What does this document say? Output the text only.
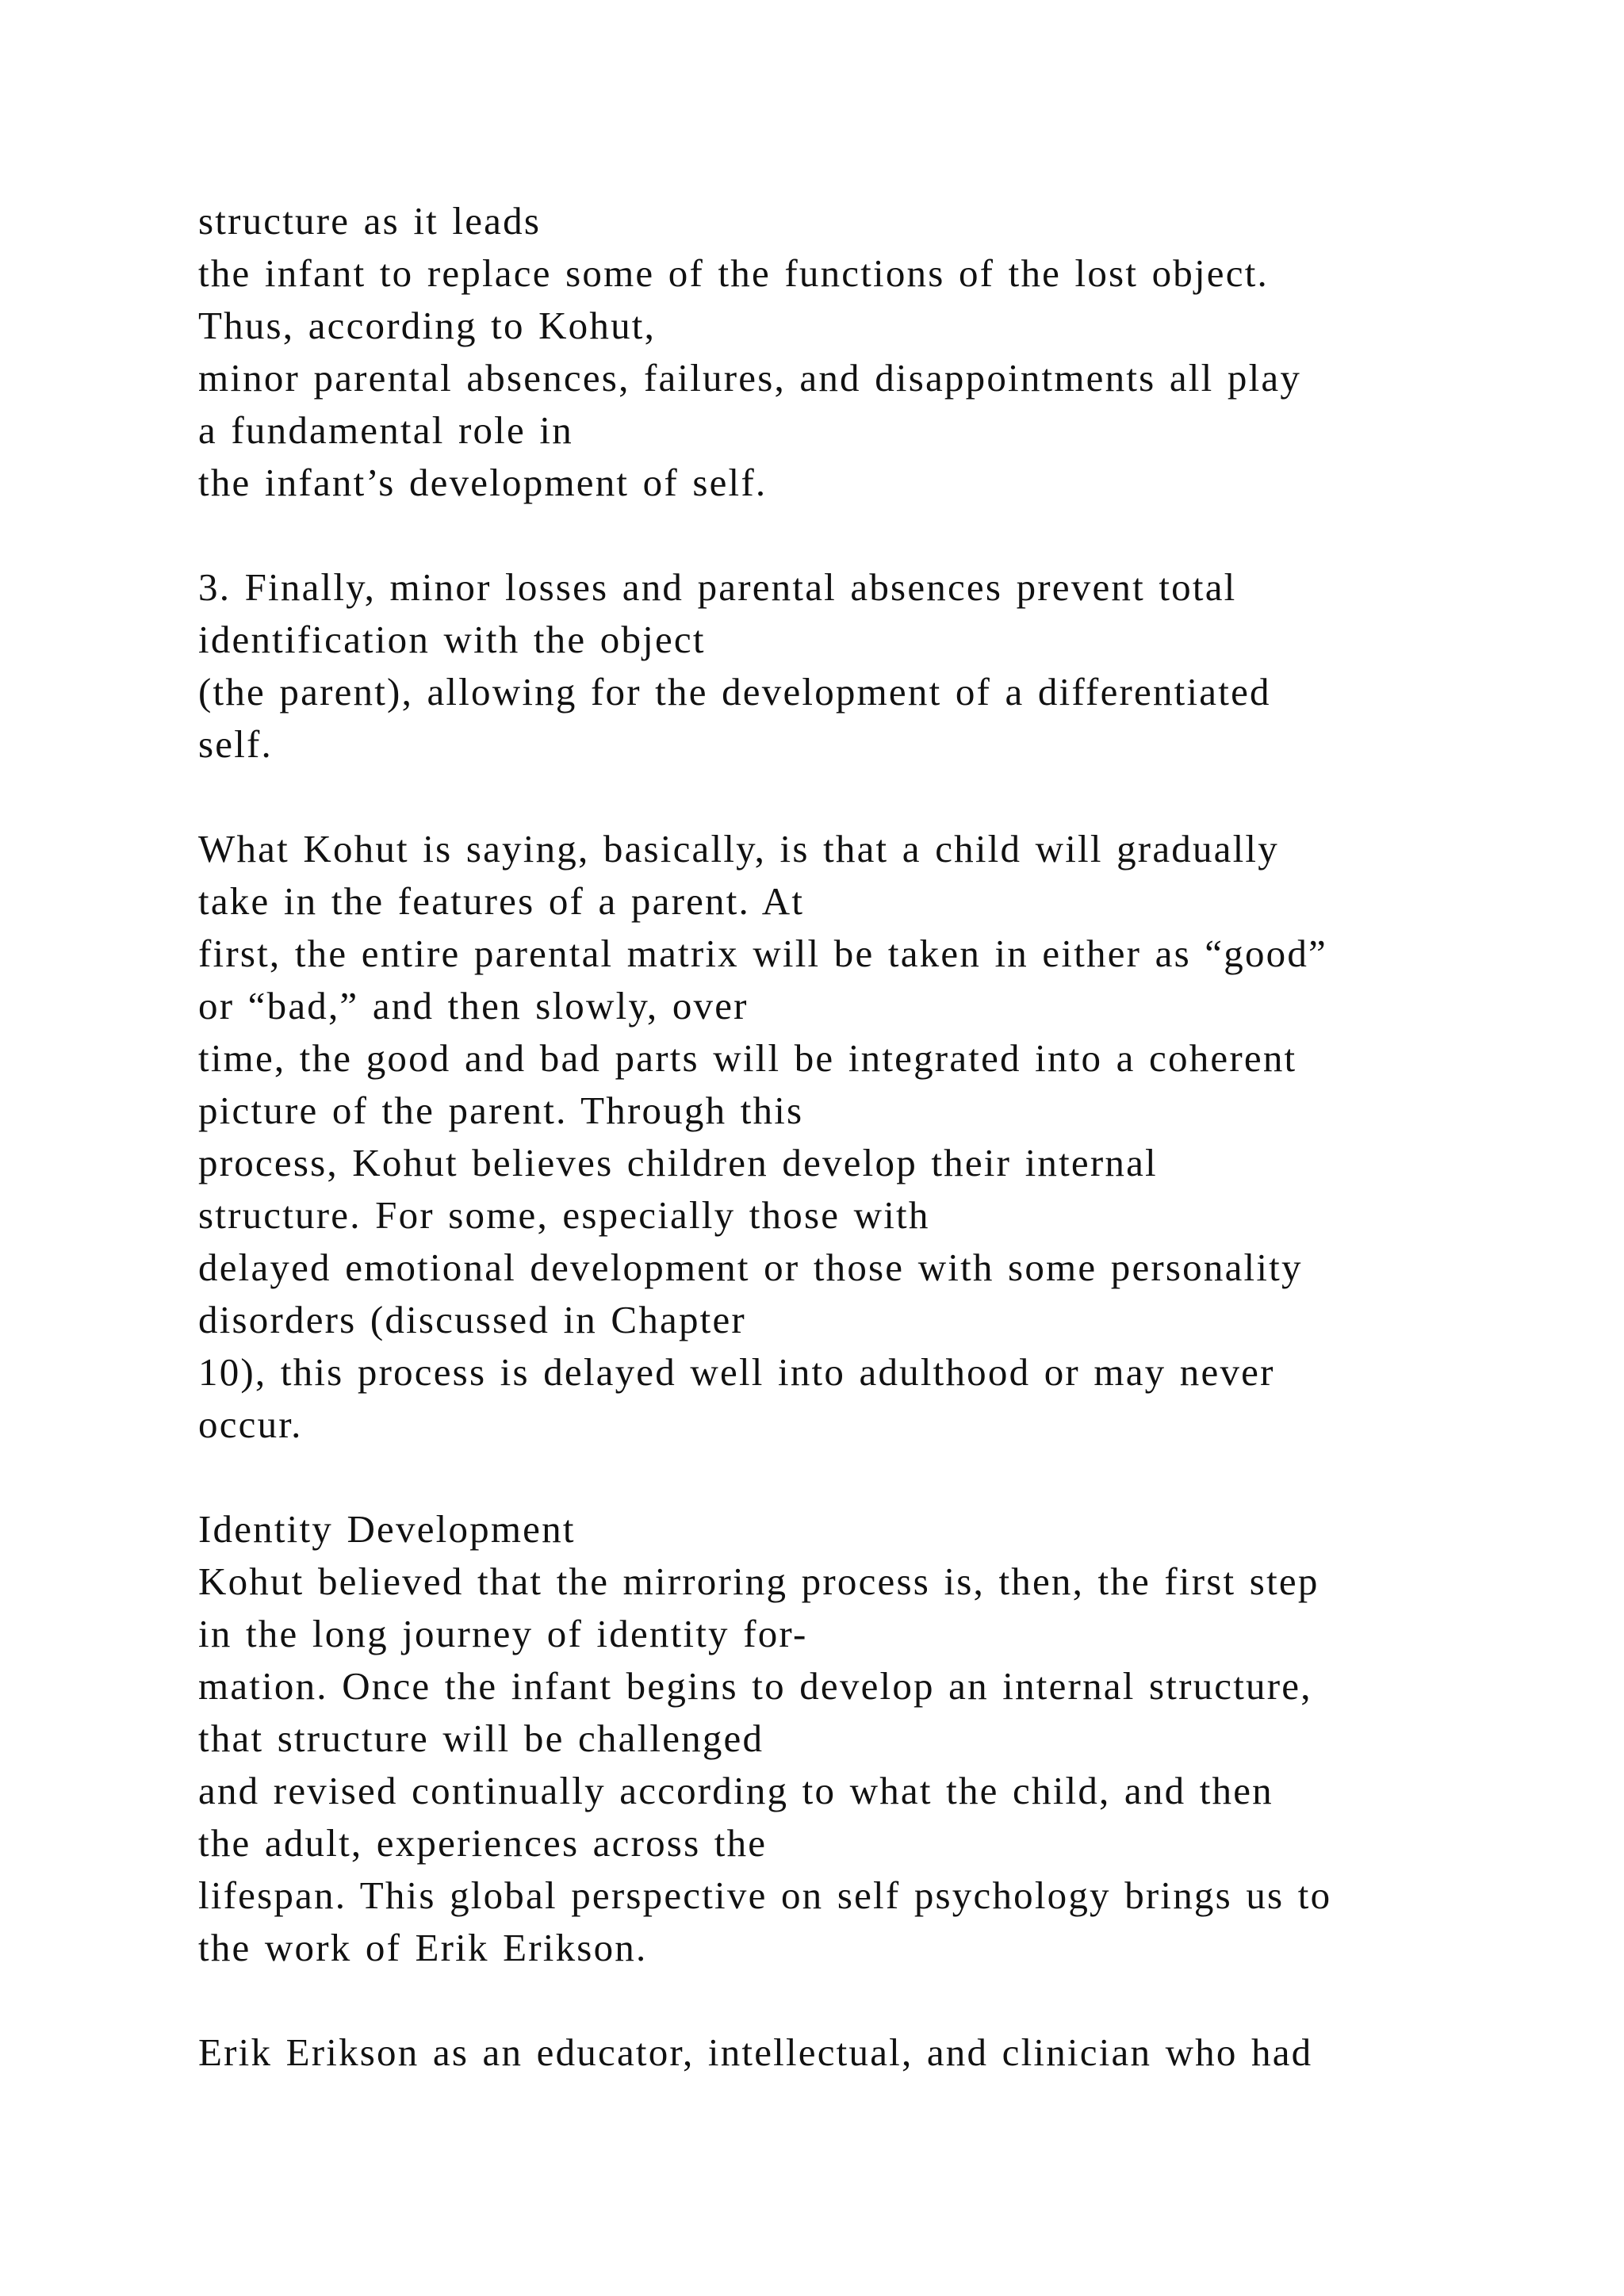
structure as it leads
the infant to replace some of the functions of the lost object.
Thus, according to Kohut,
minor parental absences, failures, and disappointments all play
a fundamental role in
the infant’s development of self.
3. Finally, minor losses and parental absences prevent total
identification with the object
(the parent), allowing for the development of a differentiated
self.
What Kohut is saying, basically, is that a child will gradually
take in the features of a parent. At
first, the entire parental matrix will be taken in either as “good”
or “bad,” and then slowly, over
time, the good and bad parts will be integrated into a coherent
picture of the parent. Through this
process, Kohut believes children develop their internal
structure. For some, especially those with
delayed emotional development or those with some personality
disorders (discussed in Chapter
10), this process is delayed well into adulthood or may never
occur.
Identity Development
Kohut believed that the mirroring process is, then, the first step
in the long journey of identity for-
mation. Once the infant begins to develop an internal structure,
that structure will be challenged
and revised continually according to what the child, and then
the adult, experiences across the
lifespan. This global perspective on self psychology brings us to
the work of Erik Erikson.
Erik Erikson as an educator, intellectual, and clinician who had
